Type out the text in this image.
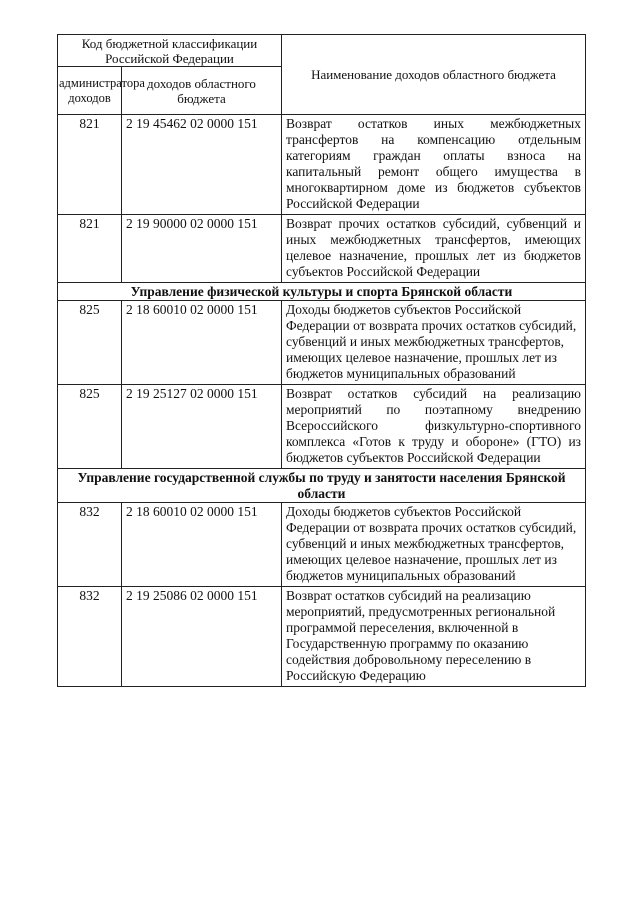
Код бюджетной классификации Российской Федерации		Наименование доходов областного бюджета
администратора доходов	доходов областного бюджета	
821	2 19 45462 02 0000 151	Возврат остатков иных межбюджетных трансфертов на компенсацию отдельным категориям граждан оплаты взноса на капитальный ремонт общего имущества в многоквартирном доме из бюджетов субъектов Российской Федерации
821	2 19 90000 02 0000 151	Возврат прочих остатков субсидий, субвенций и иных межбюджетных трансфертов, имеющих целевое назначение, прошлых лет из бюджетов субъектов Российской Федерации
Управление физической культуры и спорта Брянской области		
825	2 18 60010 02 0000 151	Доходы бюджетов субъектов Российской Федерации от возврата прочих остатков субсидий, субвенций и иных межбюджетных трансфертов, имеющих целевое назначение, прошлых лет из бюджетов муниципальных образований
825	2 19 25127 02 0000 151	Возврат остатков субсидий на реализацию мероприятий по поэтапному внедрению Всероссийского физкультурно-спортивного комплекса «Готов к труду и обороне» (ГТО) из бюджетов субъектов Российской Федерации
Управление государственной службы по труду и занятости населения Брянской области		
832	2 18 60010 02 0000 151	Доходы бюджетов субъектов Российской Федерации от возврата прочих остатков субсидий, субвенций и иных межбюджетных трансфертов, имеющих целевое назначение, прошлых лет из бюджетов муниципальных образований
832	2 19 25086 02 0000 151	Возврат остатков субсидий на реализацию мероприятий, предусмотренных региональной программой переселения, включенной в Государственную программу по оказанию содействия добровольному переселению в Российскую Федерацию
